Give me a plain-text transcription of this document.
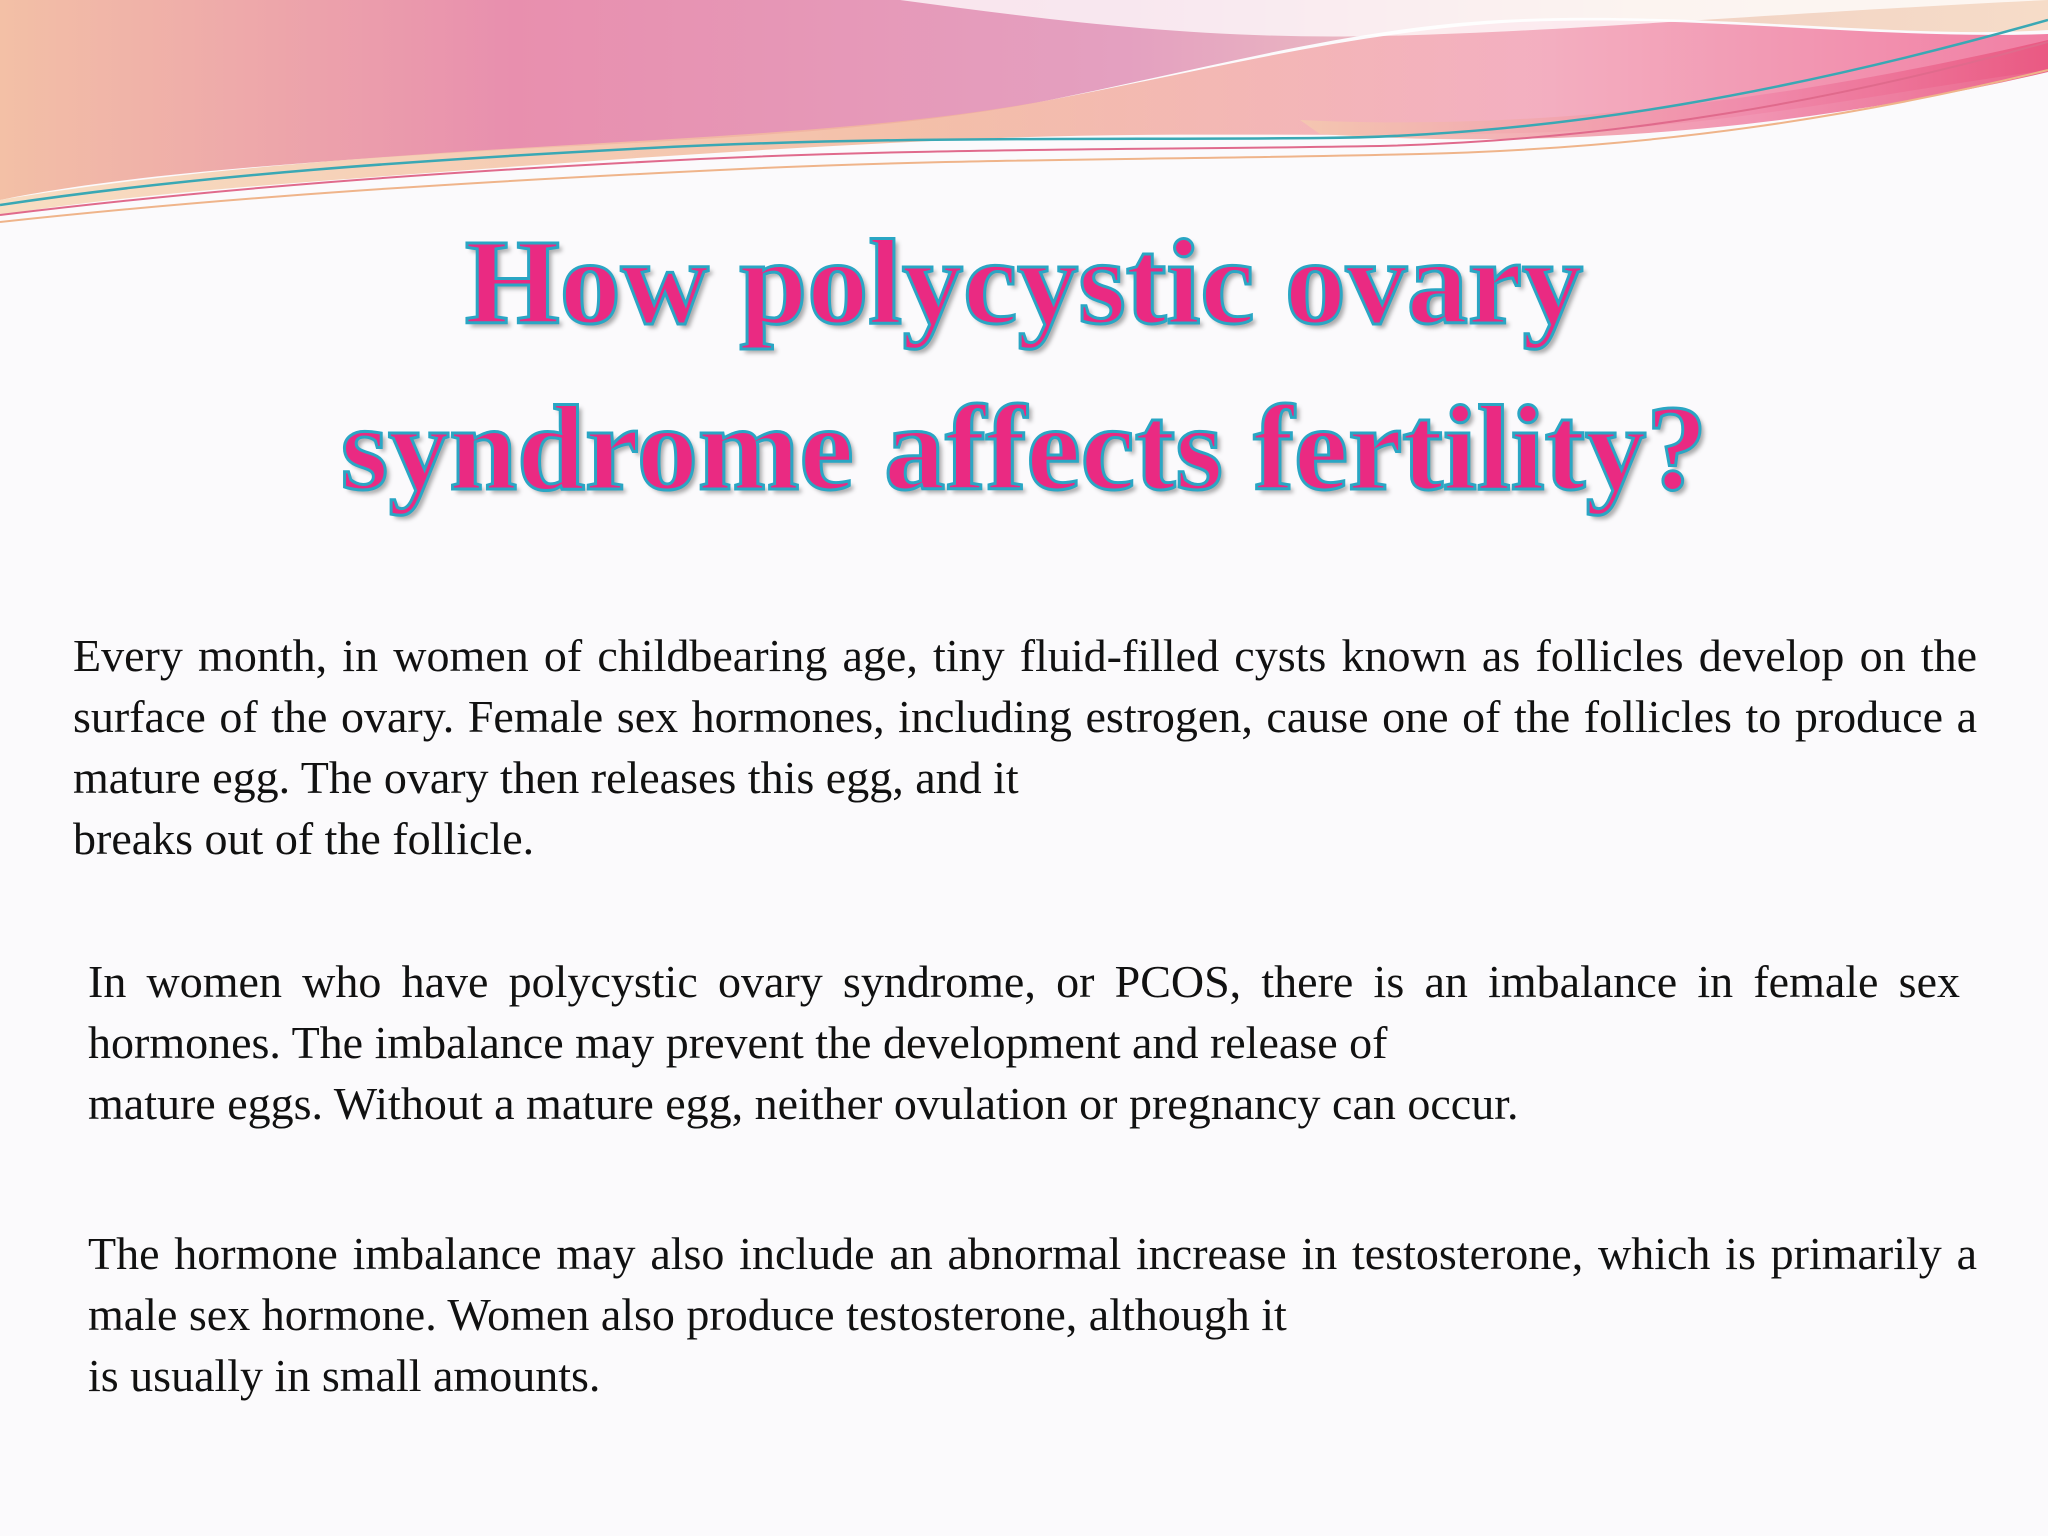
How polycystic ovary
syndrome affects fertility?

Every month, in women of childbearing age, tiny fluid-filled cysts known as follicles develop on the surface of the ovary. Female sex hormones, including estrogen, cause one of the follicles to produce a mature egg. The ovary then releases this egg, and it
breaks out of the follicle.

In women who have polycystic ovary syndrome, or PCOS, there is an imbalance in female sex hormones. The imbalance may prevent the development and release of
mature eggs. Without a mature egg, neither ovulation or pregnancy can occur.

The hormone imbalance may also include an abnormal increase in testosterone, which is primarily a male sex hormone. Women also produce testosterone, although it
is usually in small amounts.
